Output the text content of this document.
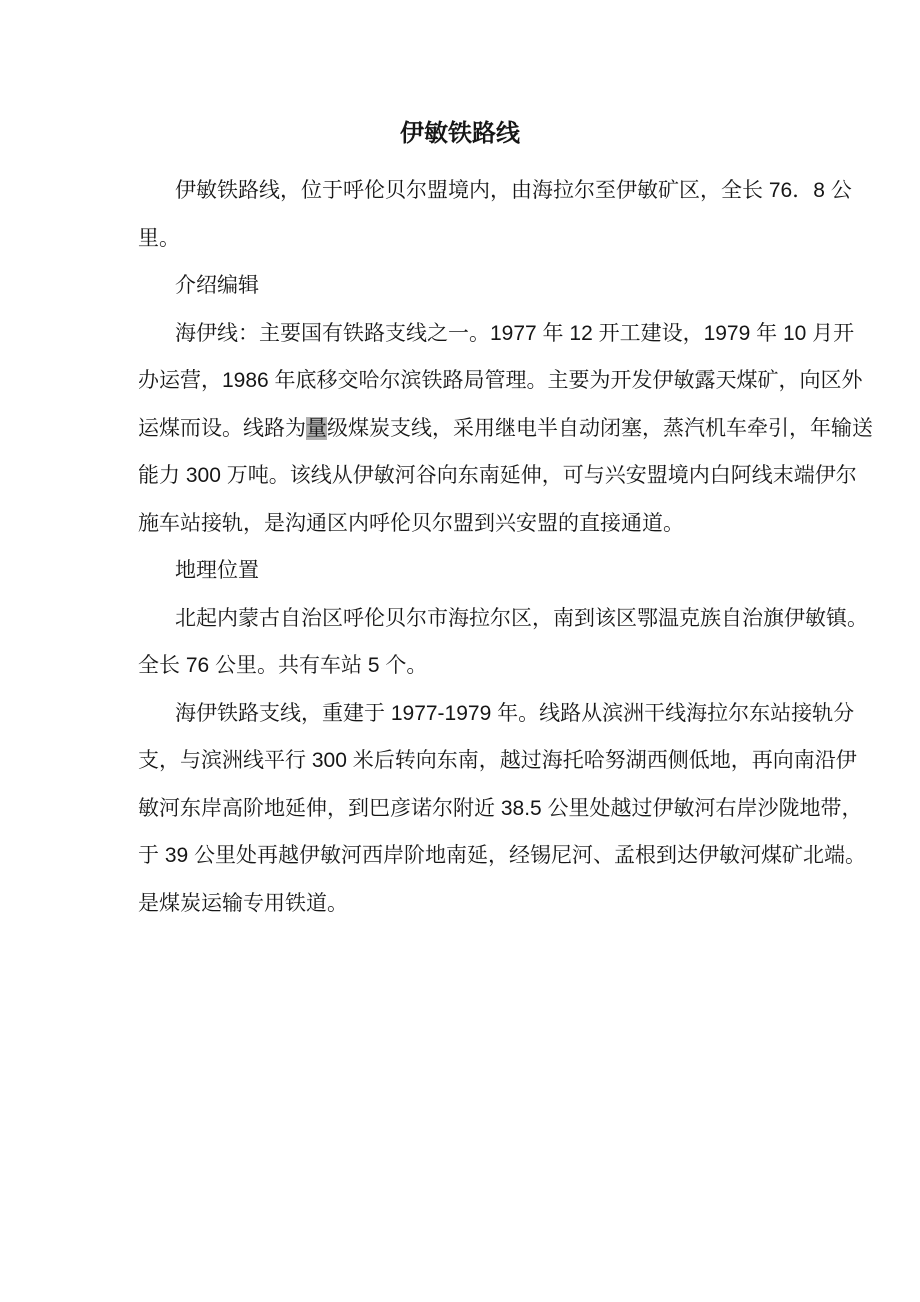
伊敏铁路线
伊敏铁路线，位于呼伦贝尔盟境内，由海拉尔至伊敏矿区，全长 76．8 公
里。
介绍编辑
海伊线：主要国有铁路支线之一。1977 年 12 开工建设，1979 年 10 月开
办运营，1986 年底移交哈尔滨铁路局管理。主要为开发伊敏露天煤矿，向区外
运煤而设。线路为量级煤炭支线，采用继电半自动闭塞，蒸汽机车牵引，年输送
能力 300 万吨。该线从伊敏河谷向东南延伸，可与兴安盟境内白阿线末端伊尔
施车站接轨，是沟通区内呼伦贝尔盟到兴安盟的直接通道。
地理位置
北起内蒙古自治区呼伦贝尔市海拉尔区，南到该区鄂温克族自治旗伊敏镇。
全长 76 公里。共有车站 5 个。
海伊铁路支线，重建于 1977-1979 年。线路从滨洲干线海拉尔东站接轨分
支，与滨洲线平行 300 米后转向东南，越过海托哈努湖西侧低地，再向南沿伊
敏河东岸高阶地延伸，到巴彦诺尔附近 38.5 公里处越过伊敏河右岸沙陇地带，
于 39 公里处再越伊敏河西岸阶地南延，经锡尼河、孟根到达伊敏河煤矿北端。
是煤炭运输专用铁道。
